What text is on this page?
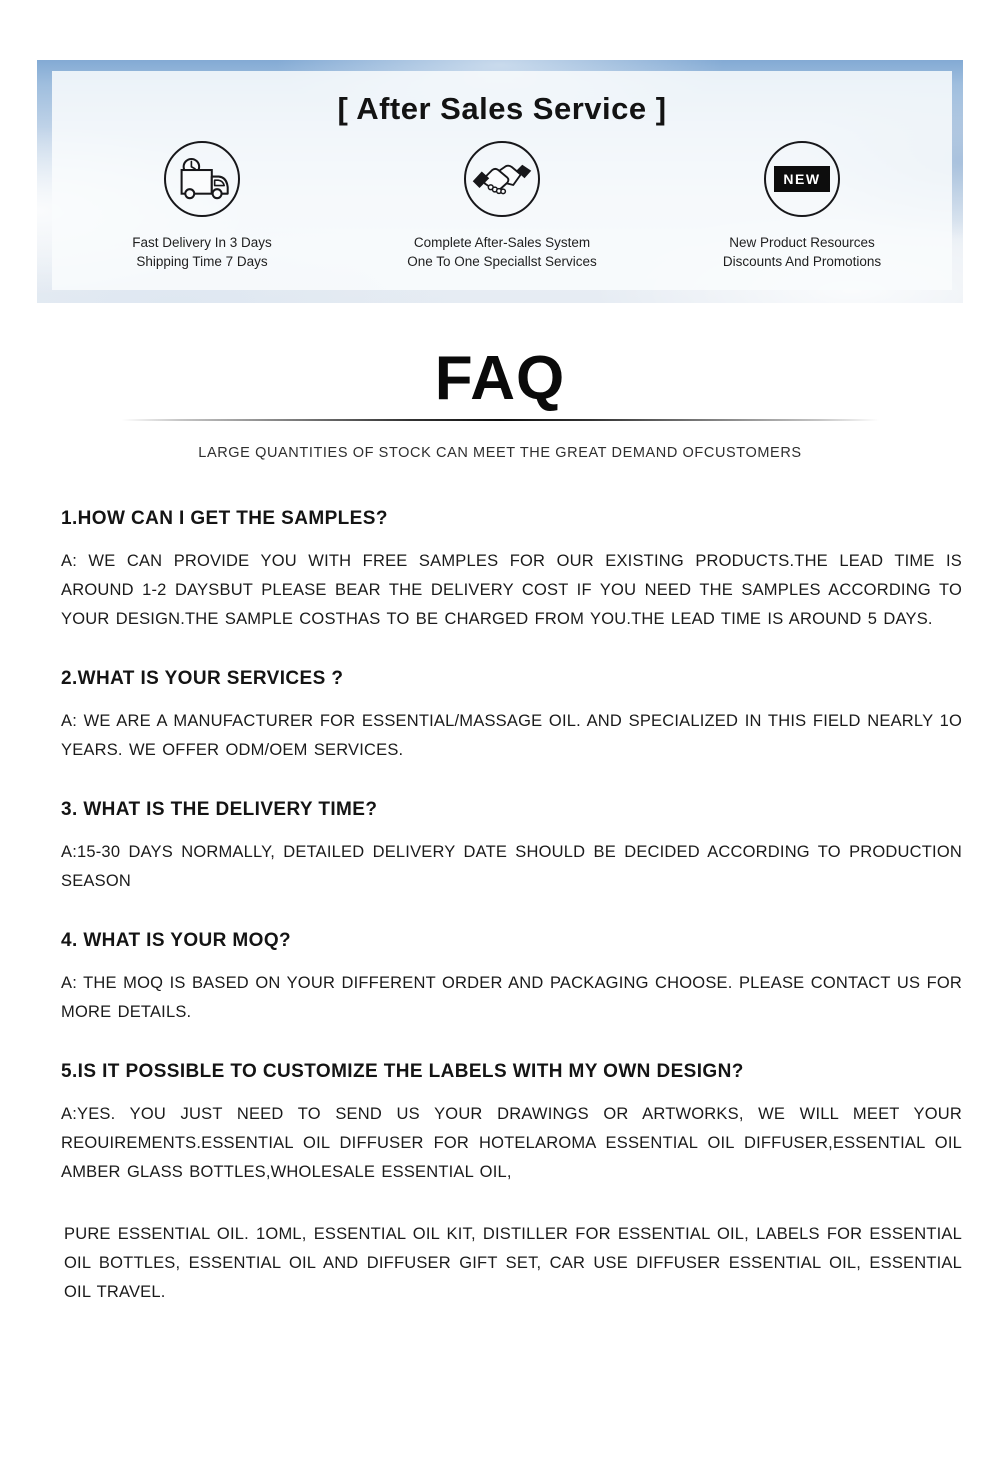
[ After Sales Service ]

Fast Delivery In 3 Days

Shipping Time 7 Days

Complete After-Sales System

One To One Speciallst Services

NEW

New Product Resources

Discounts And Promotions

FAQ
LARGE QUANTITIES OF STOCK CAN MEET THE GREAT DEMAND OFCUSTOMERS
1.HOW CAN I GET THE SAMPLES?
A: WE CAN PROVIDE YOU WITH FREE SAMPLES FOR OUR EXISTING PRODUCTS.THE LEAD TIME IS AROUND 1-2 DAYSBUT PLEASE BEAR THE DELIVERY COST IF YOU NEED THE SAMPLES ACCORDING TO YOUR DESIGN.THE SAMPLE COSTHAS TO BE CHARGED FROM YOU.THE LEAD TIME IS AROUND 5 DAYS.
2.WHAT IS YOUR SERVICES ?
A: WE ARE A MANUFACTURER FOR ESSENTIAL/MASSAGE OIL. AND SPECIALIZED IN THIS FIELD NEARLY 1O YEARS. WE OFFER ODM/OEM SERVICES.
3. WHAT IS THE DELIVERY TIME?
A:15-30 DAYS NORMALLY, DETAILED DELIVERY DATE SHOULD BE DECIDED ACCORDING TO PRODUCTION SEASON
4. WHAT IS YOUR MOQ?
A: THE MOQ IS BASED ON YOUR DIFFERENT ORDER AND PACKAGING CHOOSE. PLEASE CONTACT US FOR MORE DETAILS.
5.IS IT POSSIBLE TO CUSTOMIZE THE LABELS WITH MY OWN DESIGN?
A:YES. YOU JUST NEED TO SEND US YOUR DRAWINGS OR ARTWORKS, WE WILL MEET YOUR REOUIREMENTS.ESSENTIAL OIL DIFFUSER FOR HOTELAROMA ESSENTIAL OIL DIFFUSER,ESSENTIAL OIL AMBER GLASS BOTTLES,WHOLESALE ESSENTIAL OIL,
PURE ESSENTIAL OIL. 1OML, ESSENTIAL OIL KIT, DISTILLER FOR ESSENTIAL OIL, LABELS FOR ESSENTIAL OIL BOTTLES, ESSENTIAL OIL AND DIFFUSER GIFT SET, CAR USE DIFFUSER ESSENTIAL OIL, ESSENTIAL OIL TRAVEL.
